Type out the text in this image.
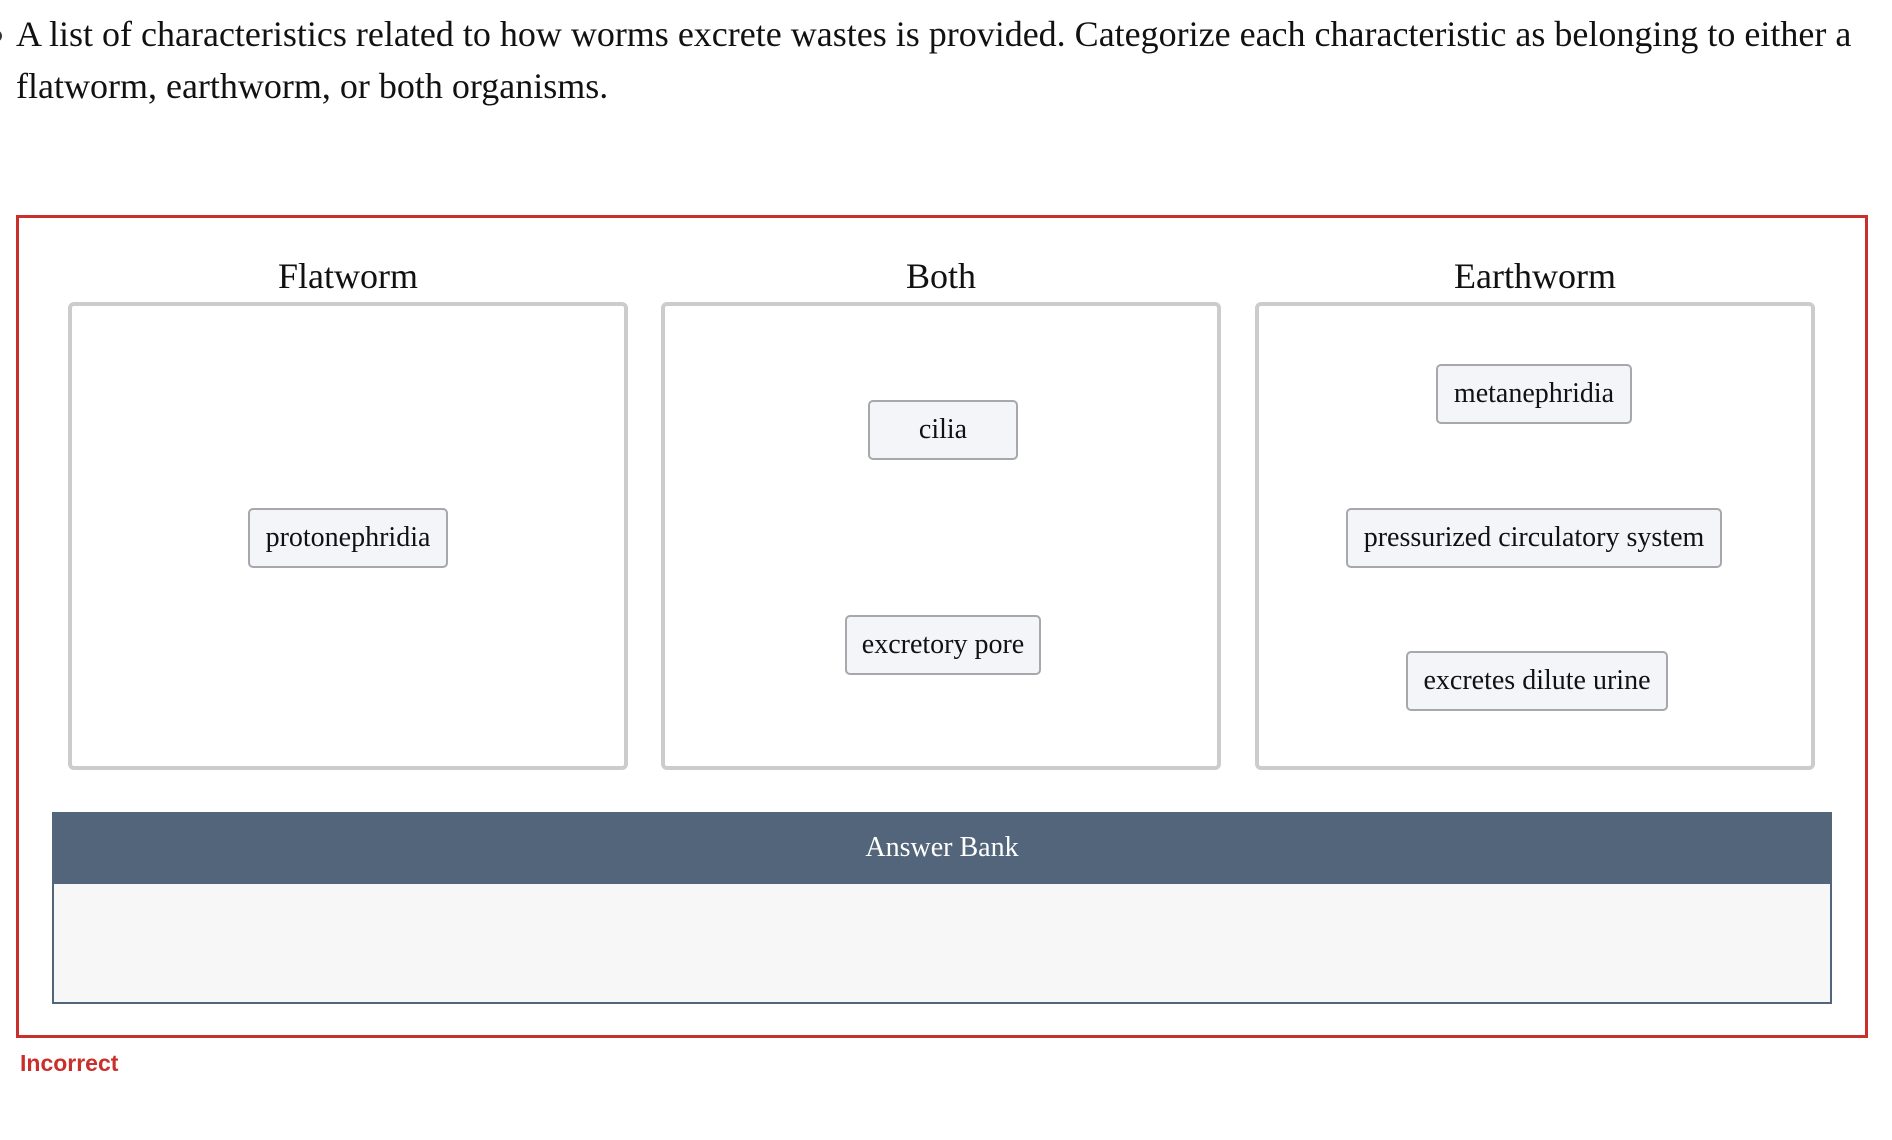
A list of characteristics related to how worms excrete wastes is provided. Categorize each characteristic as belonging to either a flatworm, earthworm, or both organisms.

Flatworm
protonephridia
Both
cilia
excretory pore
Earthworm
metanephridia
pressurized circulatory system
excretes dilute urine
Answer Bank
Incorrect
